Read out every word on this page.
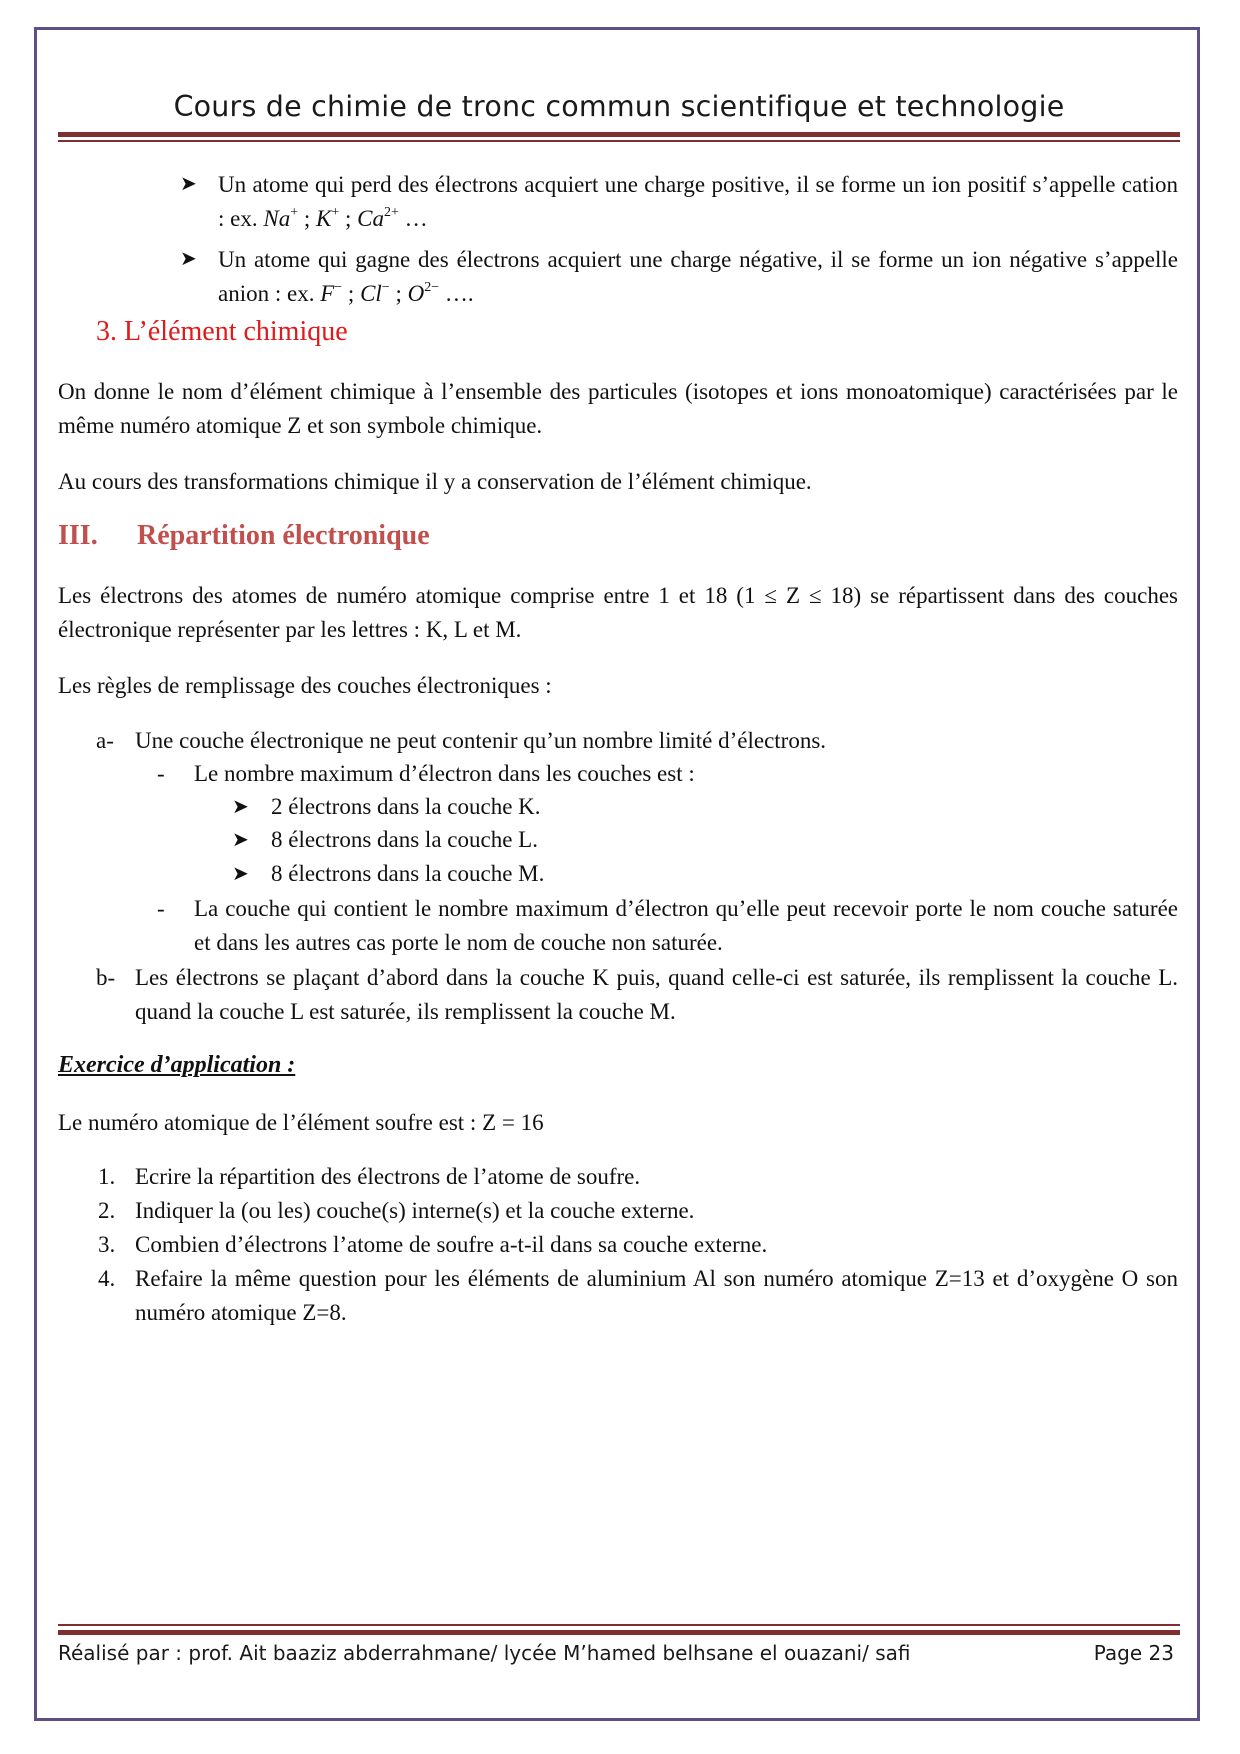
Cours de chimie de tronc commun scientifique et technologie
➤ Un atome qui perd des électrons acquiert une charge positive, il se forme un ion positif s’appelle cation : ex. Na+ ; K+ ; $Ca^{2+}$ …
➤ Un atome qui gagne des électrons acquiert une charge négative, il se forme un ion négative s’appelle anion : ex. F− ; Cl− ; $O^{2-}$ ….
3. L’élément chimique
On donne le nom d’élément chimique à l’ensemble des particules (isotopes et ions monoatomique) caractérisées par le même numéro atomique Z et son symbole chimique.
Au cours des transformations chimique il y a conservation de l’élément chimique.
III. Répartition électronique
Les électrons des atomes de numéro atomique comprise entre 1 et 18 (1 ≤ Z ≤ 18) se répartissent dans des couches électronique représenter par les lettres : K, L et M.
Les règles de remplissage des couches électroniques :
a- Une couche électronique ne peut contenir qu’un nombre limité d’électrons.
- Le nombre maximum d’électron dans les couches est :
➤ 2 électrons dans la couche K.
➤ 8 électrons dans la couche L.
➤ 8 électrons dans la couche M.
- La couche qui contient le nombre maximum d’électron qu’elle peut recevoir porte le nom couche saturée et dans les autres cas porte le nom de couche non saturée.
b- Les électrons se plaçant d’abord dans la couche K puis, quand celle-ci est saturée, ils remplissent la couche L. quand la couche L est saturée, ils remplissent la couche M.
Exercice d’application :
Le numéro atomique de l’élément soufre est : Z = 16
1. Ecrire la répartition des électrons de l’atome de soufre.
2. Indiquer la (ou les) couche(s) interne(s) et la couche externe.
3. Combien d’électrons l’atome de soufre a-t-il dans sa couche externe.
4. Refaire la même question pour les éléments de aluminium Al son numéro atomique Z=13 et d’oxygène O son numéro atomique Z=8.
Réalisé par : prof. Ait baaziz abderrahmane/ lycée M’hamed belhsane el ouazani/ safi	Page 23
